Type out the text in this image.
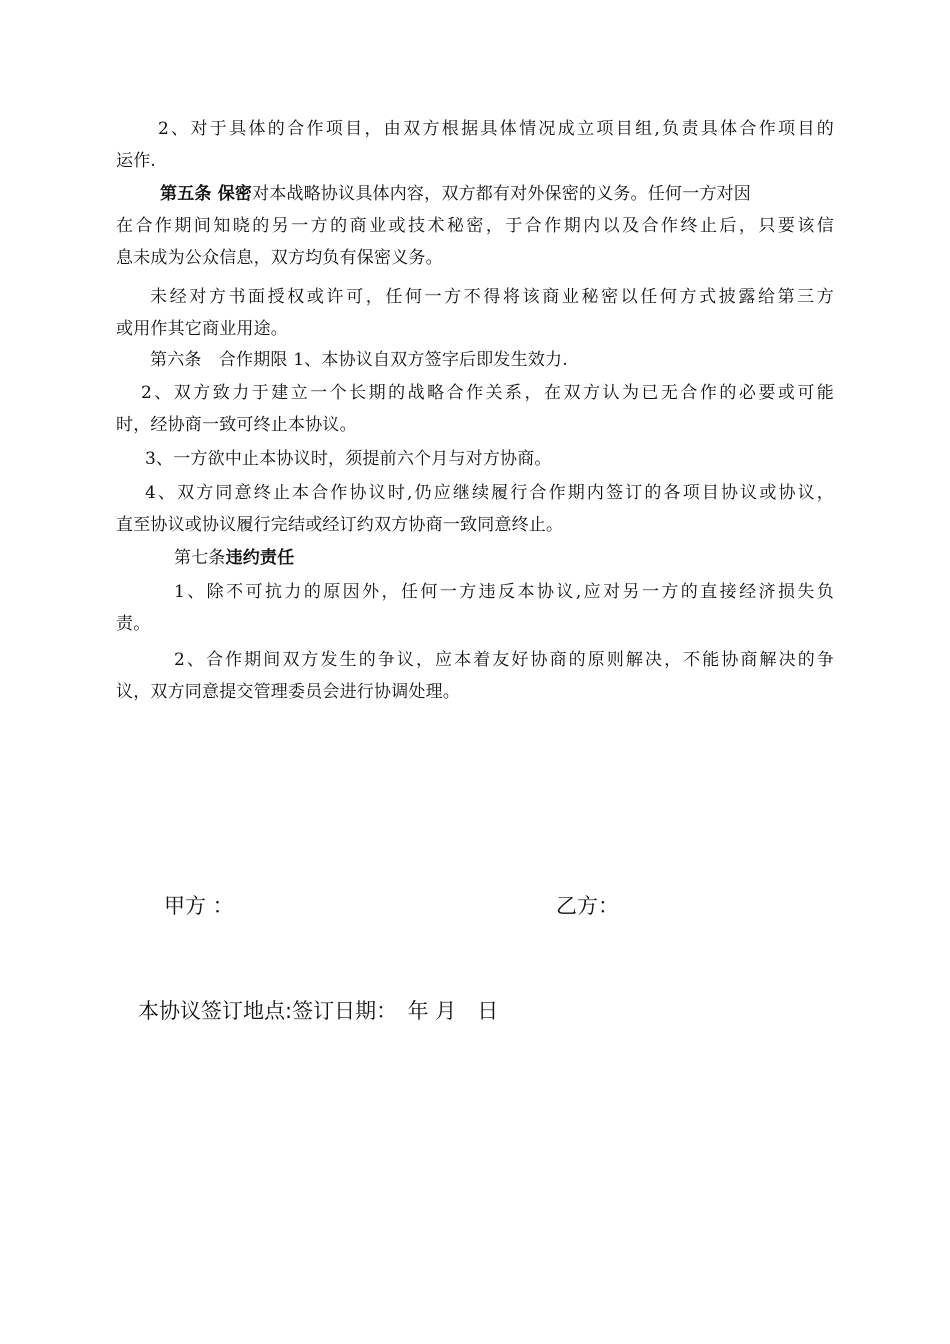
2、对于具体的合作项目，由双方根据具体情况成立项目组,负责具体合作项目的
运作.
第五条 保密对本战略协议具体内容，双方都有对外保密的义务。任何一方对因
在合作期间知晓的另一方的商业或技术秘密，于合作期内以及合作终止后，只要该信
息未成为公众信息，双方均负有保密义务。
未经对方书面授权或许可，任何一方不得将该商业秘密以任何方式披露给第三方
或用作其它商业用途。
第六条　合作期限 1、本协议自双方签字后即发生效力.
2、双方致力于建立一个长期的战略合作关系，在双方认为已无合作的必要或可能
时，经协商一致可终止本协议。
3、一方欲中止本协议时，须提前六个月与对方协商。
4、双方同意终止本合作协议时,仍应继续履行合作期内签订的各项目协议或协议，
直至协议或协议履行完结或经订约双方协商一致同意终止。
第七条违约责任
1、除不可抗力的原因外，任何一方违反本协议,应对另一方的直接经济损失负
责。
2、合作期间双方发生的争议，应本着友好协商的原则解决，不能协商解决的争
议，双方同意提交管理委员会进行协调处理。
甲方 ：	乙方：
本协议签订地点:签订日期：　年 月　日
